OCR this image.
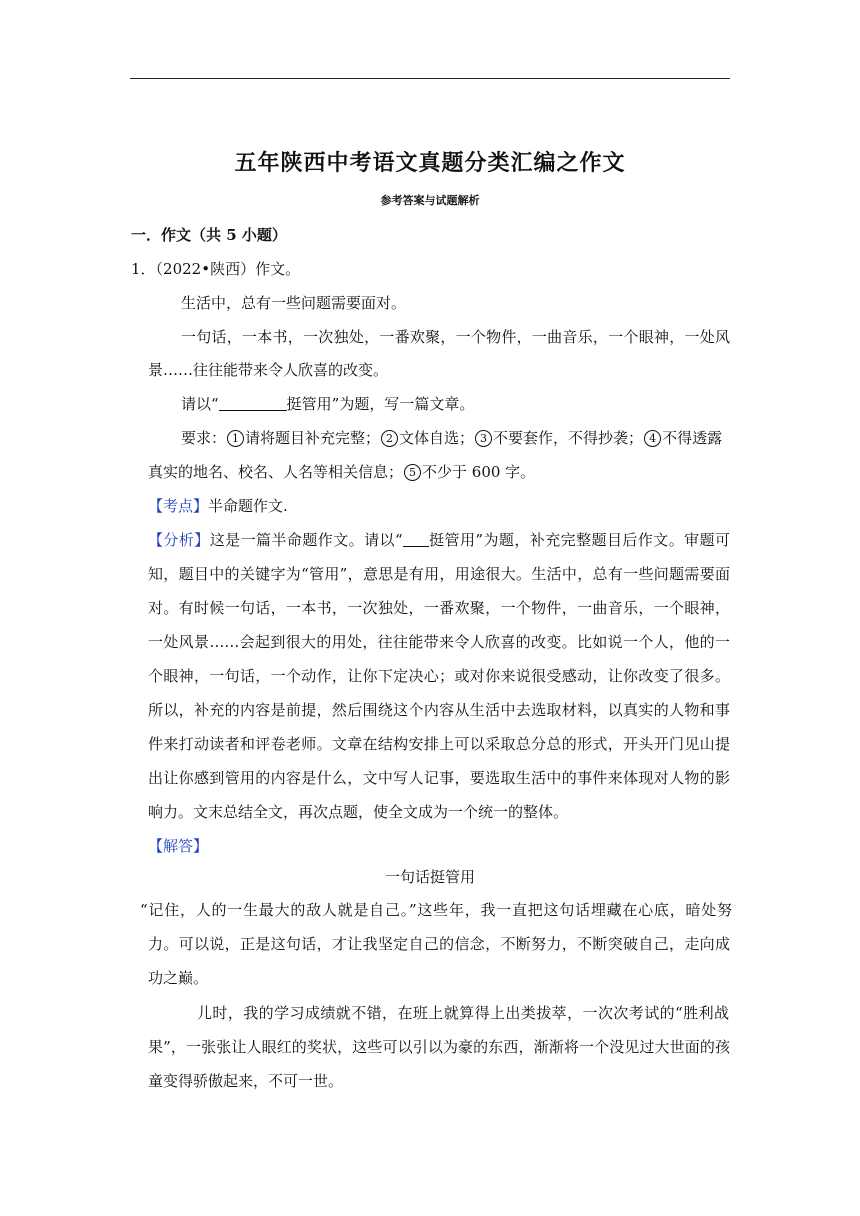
五年陕西中考语文真题分类汇编之作文
参考答案与试题解析
一．作文（共 5 小题）
1．（2022•陕西）作文。
生活中，总有一些问题需要面对。
一句话，一本书，一次独处，一番欢聚，一个物件，一曲音乐，一个眼神，一处风
景……往往能带来令人欣喜的改变。
请以“	挺管用”为题，写一篇文章。
要求： 1 请将题目补充完整； 2 文体自选； 3 不要套作，不得抄袭； 4 不得透露
真实的地名、校名、人名等相关信息； 5 不少于 600 字。
【考点】半命题作文.
【分析】这是一篇半命题作文。请以“ 挺管用”为题，补充完整题目后作文。审题可
知，题目中的关键字为“管用”，意思是有用，用途很大。生活中，总有一些问题需要面
对。有时候一句话，一本书，一次独处，一番欢聚，一个物件，一曲音乐，一个眼神，
一处风景……会起到很大的用处，往往能带来令人欣喜的改变。比如说一个人，他的一
个眼神，一句话，一个动作，让你下定决心；或对你来说很受感动，让你改变了很多。
所以，补充的内容是前提，然后围绕这个内容从生活中去选取材料，以真实的人物和事
件来打动读者和评卷老师。文章在结构安排上可以采取总分总的形式，开头开门见山提
出让你感到管用的内容是什么，文中写人记事，要选取生活中的事件来体现对人物的影
响力。文末总结全文，再次点题，使全文成为一个统一的整体。
【解答】
一句话挺管用
“记住，人的一生最大的敌人就是自己。”这些年，我一直把这句话埋藏在心底，暗处努
力。可以说，正是这句话，才让我坚定自己的信念，不断努力，不断突破自己，走向成
功之巅。
儿时，我的学习成绩就不错，在班上就算得上出类拔萃，一次次考试的“胜利战
果”，一张张让人眼红的奖状，这些可以引以为豪的东西，渐渐将一个没见过大世面的孩
童变得骄傲起来，不可一世。
